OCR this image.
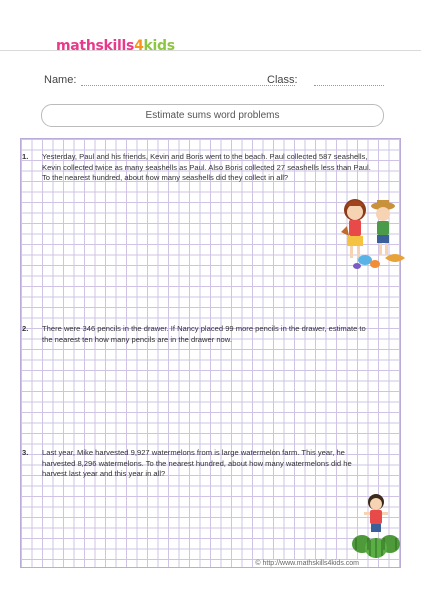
mathskills4kids
Name:	Class:
Estimate sums word problems
1. Yesterday, Paul and his friends, Kevin and Boris went to the beach. Paul collected 587 seashells, Kevin collected twice as many seashells as Paul. Also Boris collected 27 seashells less than Paul. To the nearest hundred, about how many seashells did they collect in all?
2. There were 346 pencils in the drawer. If Nancy placed 99 more pencils in the drawer, estimate to the nearest ten how many pencils are in the drawer now.
3. Last year, Mike harvested 9,927 watermelons from is large watermelon farm. This year, he harvested 8,296 watermelons. To the nearest hundred, about how many watermelons did he harvest last year and this year in all?
© http://www.mathskills4kids.com
